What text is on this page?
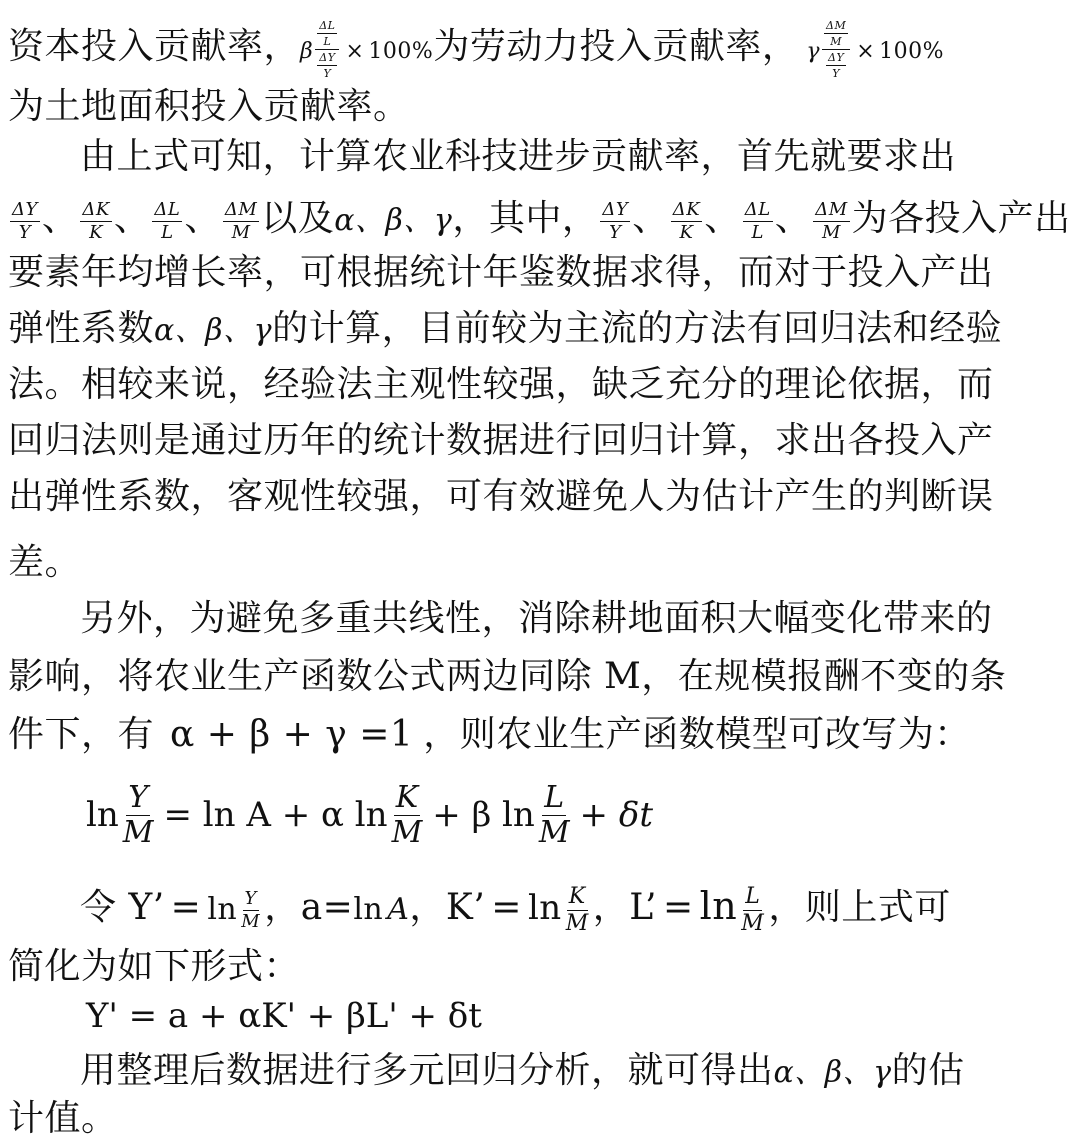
资本投入贡献率，β $\frac{\frac{\Delta L}{L}}{\frac{\Delta Y}{Y}} \times 100\%$为劳动力投入贡献率， γ $\frac{\frac{\Delta M}{M}}{\frac{\Delta Y}{Y}} \times 100\%$
为土地面积投入贡献率。
由上式可知，计算农业科技进步贡献率，首先就要求出
$\frac{\Delta Y}{Y}$ 、 $\frac{\Delta K}{K}$ 、 $\frac{\Delta L}{L}$ 、 $\frac{\Delta M}{M}$ 以及α、β、γ，其中， $\frac{\Delta Y}{Y}$ 、 $\frac{\Delta K}{K}$ 、 $\frac{\Delta L}{L}$ 、 $\frac{\Delta M}{M}$ 为各投入产出
要素年均增长率，可根据统计年鉴数据求得，而对于投入产出
弹性系数α、β、γ的计算，目前较为主流的方法有回归法和经验
法。相较来说，经验法主观性较强，缺乏充分的理论依据，而
回归法则是通过历年的统计数据进行回归计算，求出各投入产
出弹性系数，客观性较强，可有效避免人为估计产生的判断误
差。
另外，为避免多重共线性，消除耕地面积大幅变化带来的
影响，将农业生产函数公式两边同除 M，在规模报酬不变的条
件下，有 α + β + γ =1 ，则农业生产函数模型可改写为：
$\ln \frac{Y}{M} = \ln A + \alpha$ $\ln \frac{K}{M} + \beta$ $\ln \frac{L}{M} + \delta t$
令 Y’ = $\ln \frac{Y}{M}$ ，a=ln A，K’ = $\ln \frac{K}{M}$ ，L’ = $\ln \frac{L}{M}$ ，则上式可
简化为如下形式：
Y' = a + αK' + βL' + δt
用整理后数据进行多元回归分析，就可得出α、β、γ的估
计值。
